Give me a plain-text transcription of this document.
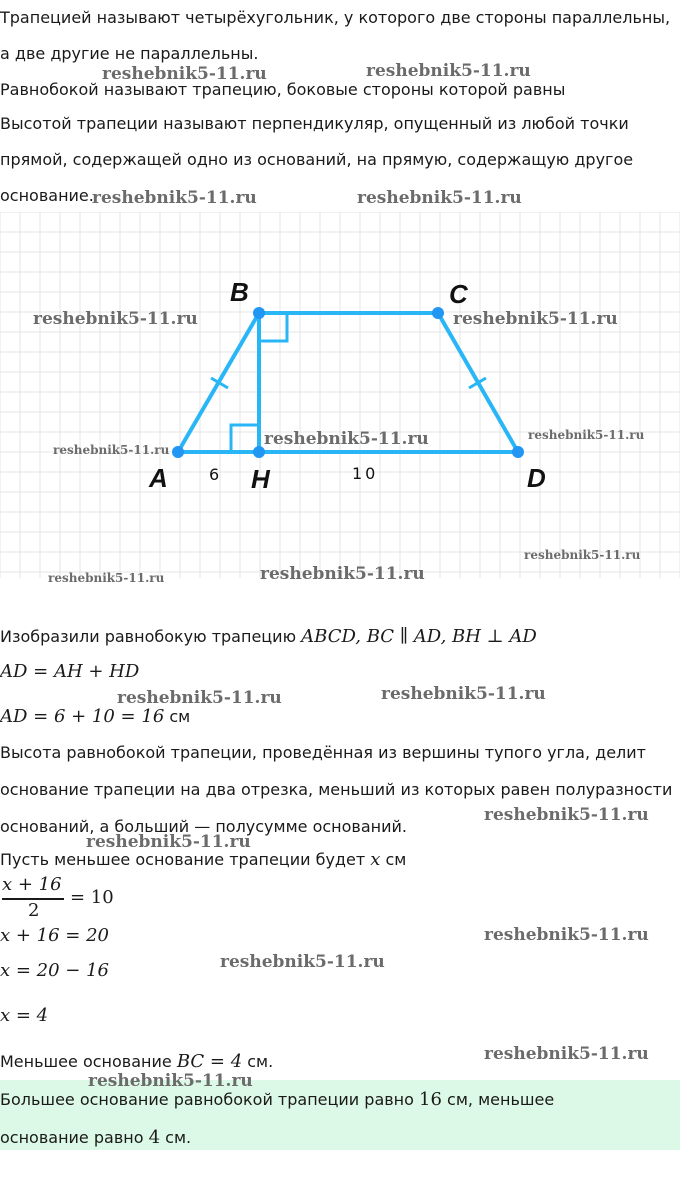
Трапецией называют четырёхугольник, у которого две стороны параллельны,
а две другие не параллельны.
Равнобокой называют трапецию, боковые стороны которой равны
Высотой трапеции называют перпендикуляр, опущенный из любой точки
прямой, содержащей одно из оснований, на прямую, содержащую другое
основание.
B	C
A	H	D
6	10
Изобразили равнобокую трапецию ABCD, BC ∥ AD, BH ⊥ AD
AD = AH + HD
AD = 6 + 10 = 16 см
Высота равнобокой трапеции, проведённая из вершины тупого угла, делит
основание трапеции на два отрезка, меньший из которых равен полуразности
оснований, а больший — полусумме оснований.
Пусть меньшее основание трапеции будет x см
x + 16
2
= 10
x + 16 = 20
x = 20 − 16
x = 4
Меньшее основание BC = 4 см.
Большее основание равнобокой трапеции равно 16 см, меньшее
основание равно 4 см.
reshebnik5-11.ru	reshebnik5-11.ru
reshebnik5-11.ru	reshebnik5-11.ru
reshebnik5-11.ru	reshebnik5-11.ru
reshebnik5-11.ru
reshebnik5-11.ru
reshebnik5-11.ru
reshebnik5-11.ru
reshebnik5-11.ru	reshebnik5-11.ru
reshebnik5-11.ru	reshebnik5-11.ru
reshebnik5-11.ru
reshebnik5-11.ru
reshebnik5-11.ru
reshebnik5-11.ru
reshebnik5-11.ru
reshebnik5-11.ru
